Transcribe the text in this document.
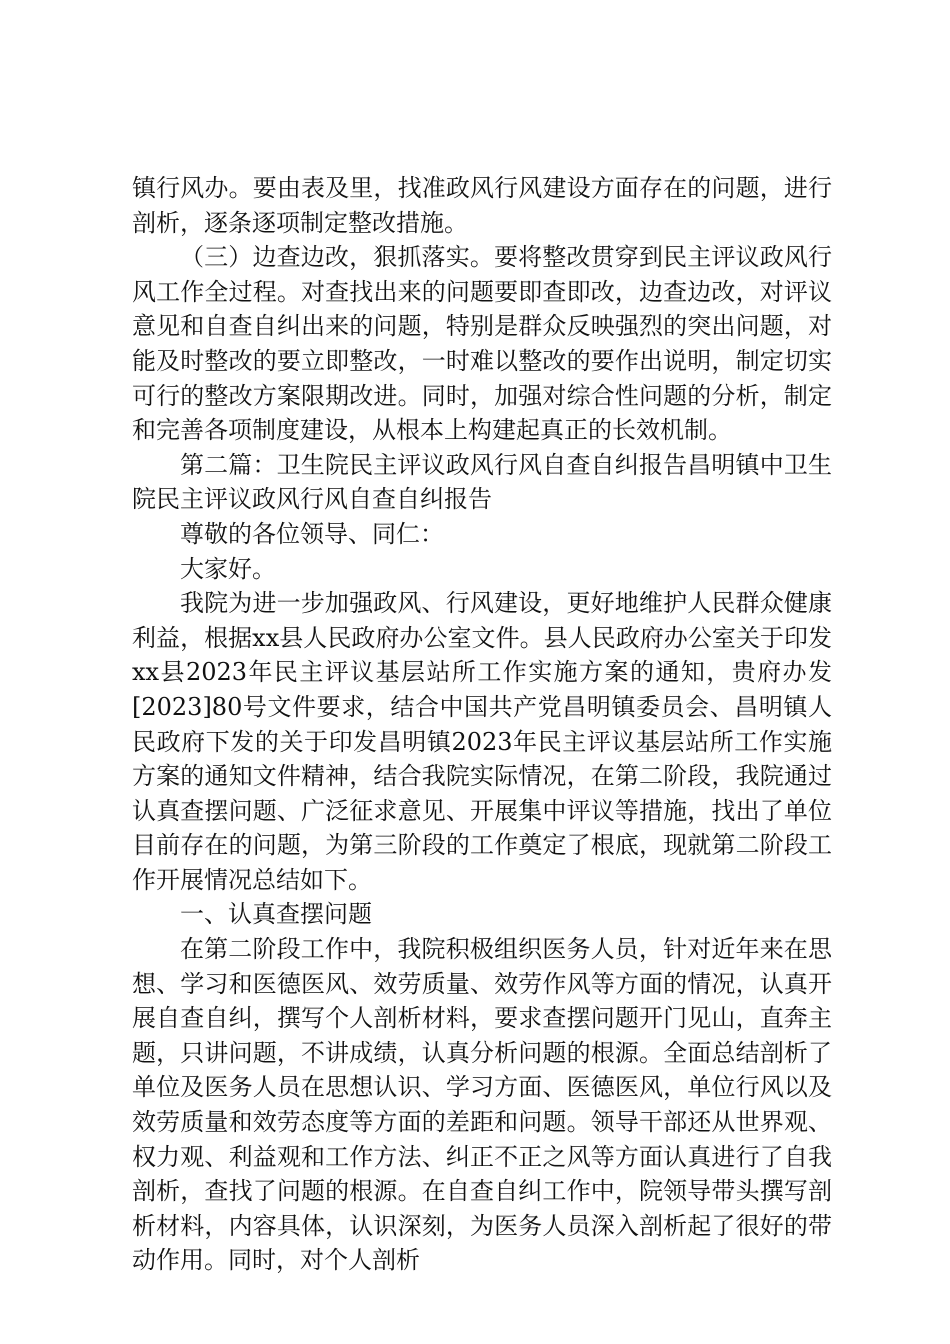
镇行风办。要由表及里，找准政风行风建设方面存在的问题，进行剖析，逐条逐项制定整改措施。

（三）边查边改，狠抓落实。要将整改贯穿到民主评议政风行风工作全过程。对查找出来的问题要即查即改，边查边改，对评议意见和自查自纠出来的问题，特别是群众反映强烈的突出问题，对能及时整改的要立即整改，一时难以整改的要作出说明，制定切实可行的整改方案限期改进。同时，加强对综合性问题的分析，制定和完善各项制度建设，从根本上构建起真正的长效机制。

第二篇：卫生院民主评议政风行风自查自纠报告昌明镇中卫生院民主评议政风行风自查自纠报告

尊敬的各位领导、同仁：

大家好。

我院为进一步加强政风、行风建设，更好地维护人民群众健康利益，根据xx县人民政府办公室文件。县人民政府办公室关于印发xx县2023年民主评议基层站所工作实施方案的通知，贵府办发[2023]80号文件要求，结合中国共产党昌明镇委员会、昌明镇人民政府下发的关于印发昌明镇2023年民主评议基层站所工作实施方案的通知文件精神，结合我院实际情况，在第二阶段，我院通过认真查摆问题、广泛征求意见、开展集中评议等措施，找出了单位目前存在的问题，为第三阶段的工作奠定了根底，现就第二阶段工作开展情况总结如下。

一、认真查摆问题

在第二阶段工作中，我院积极组织医务人员，针对近年来在思想、学习和医德医风、效劳质量、效劳作风等方面的情况，认真开展自查自纠，撰写个人剖析材料，要求查摆问题开门见山，直奔主题，只讲问题，不讲成绩，认真分析问题的根源。全面总结剖析了单位及医务人员在思想认识、学习方面、医德医风，单位行风以及效劳质量和效劳态度等方面的差距和问题。领导干部还从世界观、权力观、利益观和工作方法、纠正不正之风等方面认真进行了自我剖析，查找了问题的根源。在自查自纠工作中，院领导带头撰写剖析材料，内容具体，认识深刻，为医务人员深入剖析起了很好的带动作用。同时，对个人剖析
